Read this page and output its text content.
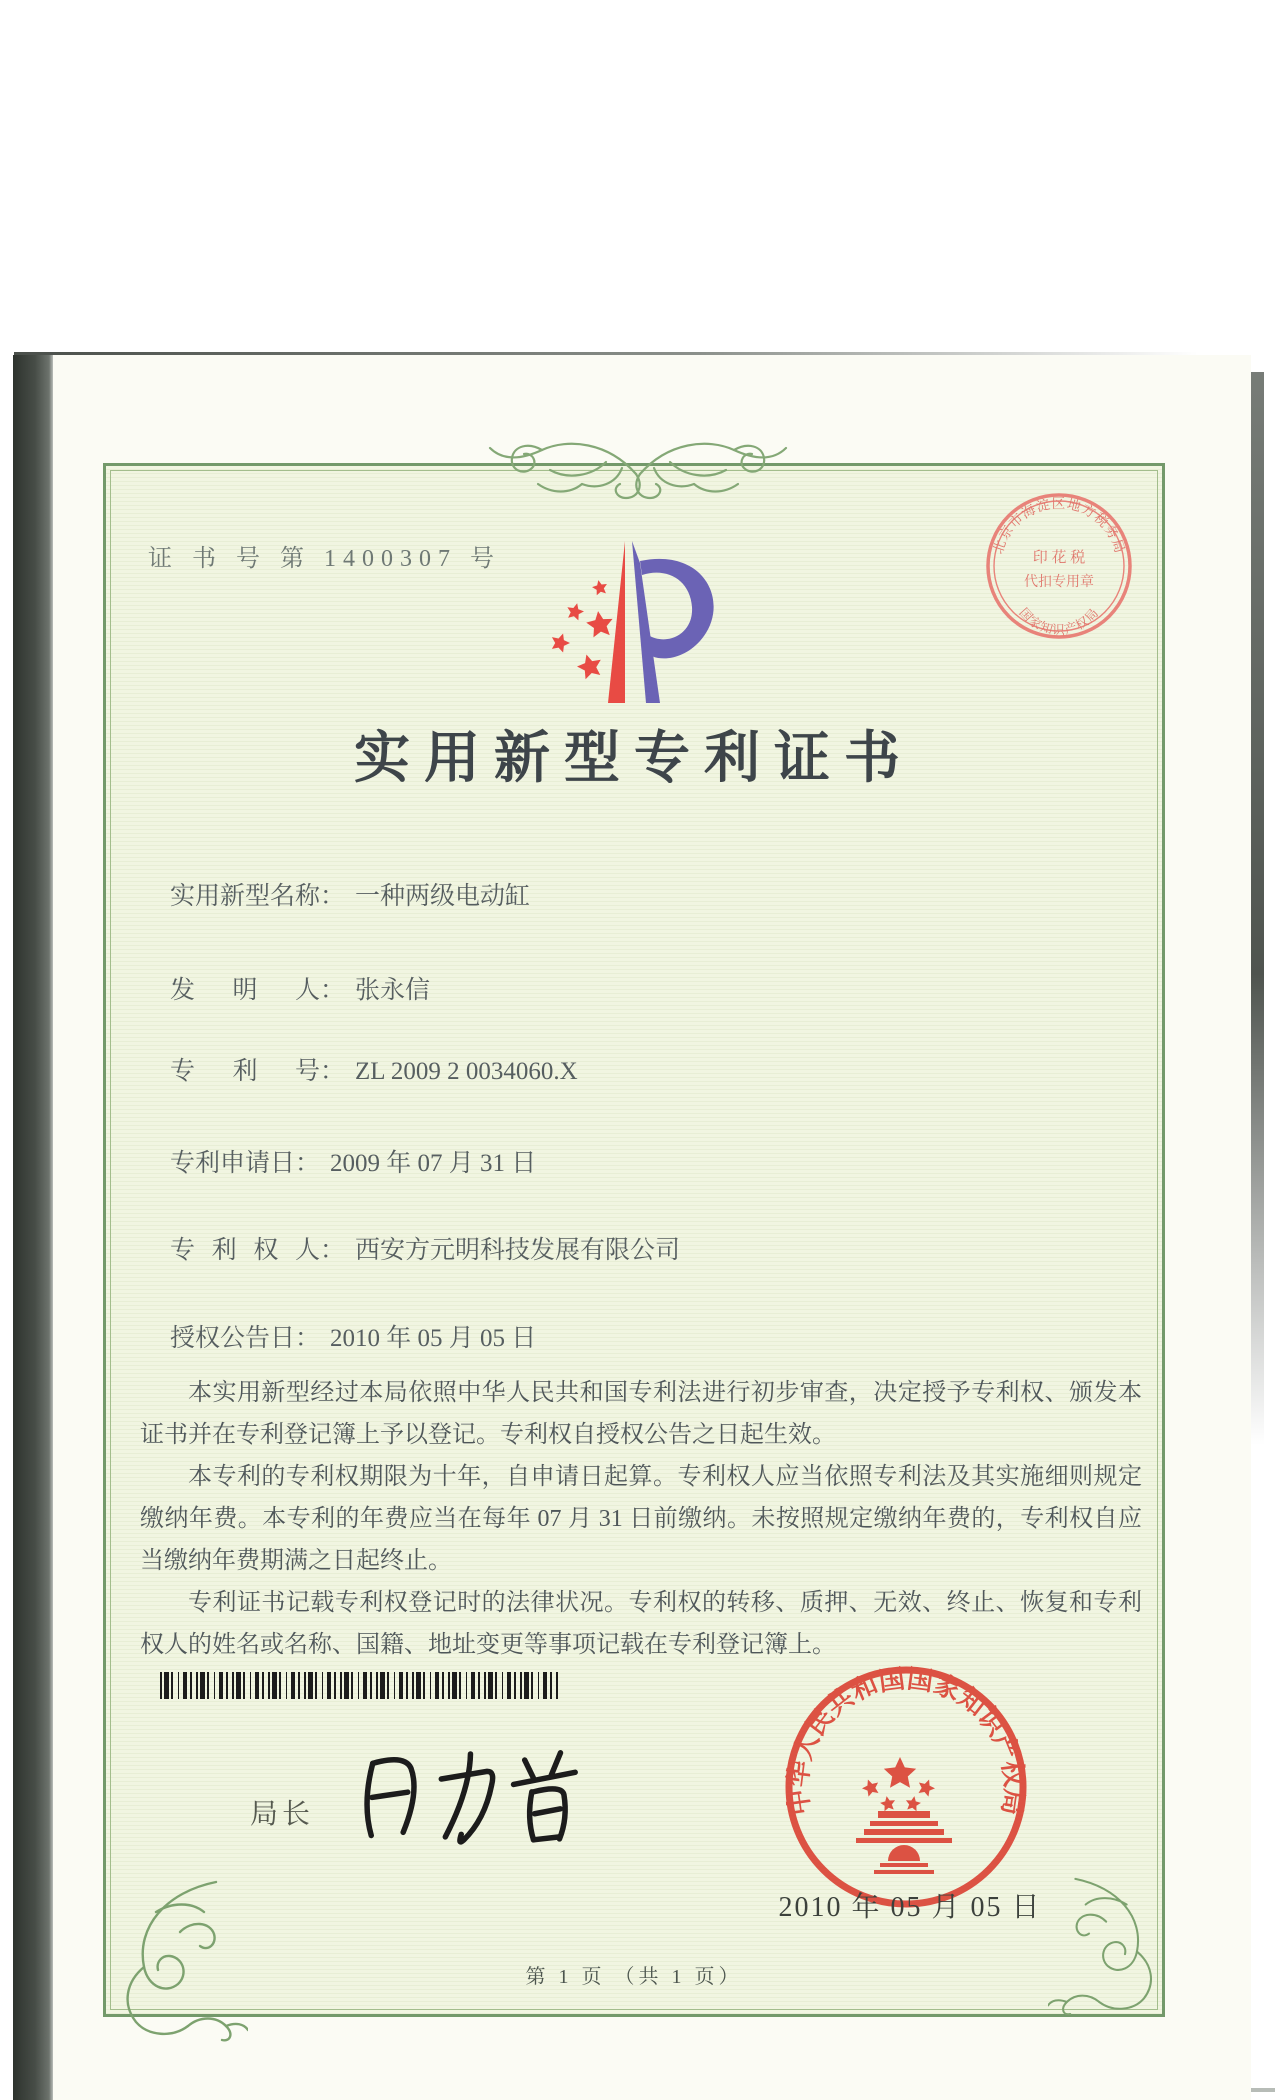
证 书 号 第 1400307 号	北京市海淀区地方税务局
国家知识产权局
印 花 税
代扣专用章
实用新型专利证书
实用新型名称： 一种两级电动缸
发明人： 张永信
专利号： ZL 2009 2 0034060.X
专利申请日： 2009 年 07 月 31 日
专利权人： 西安方元明科技发展有限公司
授权公告日： 2010 年 05 月 05 日

本实用新型经过本局依照中华人民共和国专利法进行初步审查，决定授予专利权、颁发本证书并在专利登记簿上予以登记。专利权自授权公告之日起生效。

本专利的专利权期限为十年，自申请日起算。专利权人应当依照专利法及其实施细则规定缴纳年费。本专利的年费应当在每年 07 月 31 日前缴纳。未按照规定缴纳年费的，专利权自应当缴纳年费期满之日起终止。

专利证书记载专利权登记时的法律状况。专利权的转移、质押、无效、终止、恢复和专利权人的姓名或名称、国籍、地址变更等事项记载在专利登记簿上。

局长	中华人民共和国国家知识产权局
2010 年 05 月 05 日
第 1 页 （共 1 页）
